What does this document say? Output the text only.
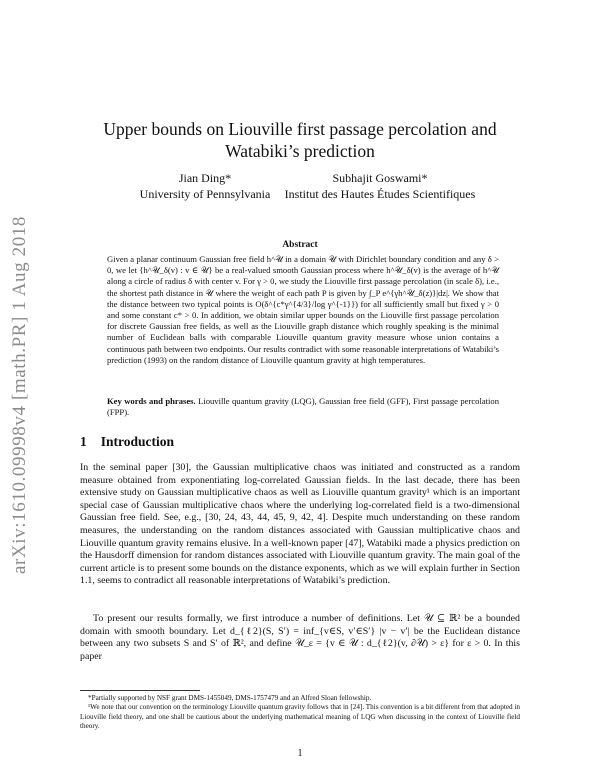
arXiv:1610.09998v4 [math.PR] 1 Aug 2018
Upper bounds on Liouville first passage percolation and Watabiki’s prediction
Jian Ding*
University of Pennsylvania
Subhajit Goswami*
Institut des Hautes Études Scientifiques
Abstract

Given a planar continuum Gaussian free field h^𝒰 in a domain 𝒰 with Dirichlet boundary condition and any δ > 0, we let {h^𝒰_δ(v) : v ∈ 𝒰} be a real-valued smooth Gaussian process where h^𝒰_δ(v) is the average of h^𝒰 along a circle of radius δ with center v. For γ > 0, we study the Liouville first passage percolation (in scale δ), i.e., the shortest path distance in 𝒰 where the weight of each path P is given by ∫_P e^{γh^𝒰_δ(z)}|dz|. We show that the distance between two typical points is O(δ^{c*γ^{4/3}/log γ^{-1}}) for all sufficiently small but fixed γ > 0 and some constant c* > 0. In addition, we obtain similar upper bounds on the Liouville first passage percolation for discrete Gaussian free fields, as well as the Liouville graph distance which roughly speaking is the minimal number of Euclidean balls with comparable Liouville quantum gravity measure whose union contains a continuous path between two endpoints. Our results contradict with some reasonable interpretations of Watabiki’s prediction (1993) on the random distance of Liouville quantum gravity at high temperatures.

Key words and phrases. Liouville quantum gravity (LQG), Gaussian free field (GFF), First passage percolation (FPP).

1 Introduction

In the seminal paper [30], the Gaussian multiplicative chaos was initiated and constructed as a random measure obtained from exponentiating log-correlated Gaussian fields. In the last decade, there has been extensive study on Gaussian multiplicative chaos as well as Liouville quantum gravity¹ which is an important special case of Gaussian multiplicative chaos where the underlying log-correlated field is a two-dimensional Gaussian free field. See, e.g., [30, 24, 43, 44, 45, 9, 42, 4]. Despite much understanding on these random measures, the understanding on the random distances associated with Gaussian multiplicative chaos and Liouville quantum gravity remains elusive. In a well-known paper [47], Watabiki made a physics prediction on the Hausdorff dimension for random distances associated with Liouville quantum gravity. The main goal of the current article is to present some bounds on the distance exponents, which as we will explain further in Section 1.1, seems to contradict all reasonable interpretations of Watabiki’s prediction.

To present our results formally, we first introduce a number of definitions. Let 𝒰 ⊆ ℝ² be a bounded domain with smooth boundary. Let d_{ℓ2}(S, S′) = inf_{v∈S, v′∈S′} |v − v′| be the Euclidean distance between any two subsets S and S′ of ℝ², and define 𝒰_ε = {v ∈ 𝒰 : d_{ℓ2}(v, ∂𝒰) > ε} for ε > 0. In this paper

*Partially supported by NSF grant DMS-1455049, DMS-1757479 and an Alfred Sloan fellowship.

¹We note that our convention on the terminology Liouville quantum gravity follows that in [24]. This convention is a bit different from that adopted in Liouville field theory, and one shall be cautious about the underlying mathematical meaning of LQG when discussing in the context of Liouville field theory.

1
